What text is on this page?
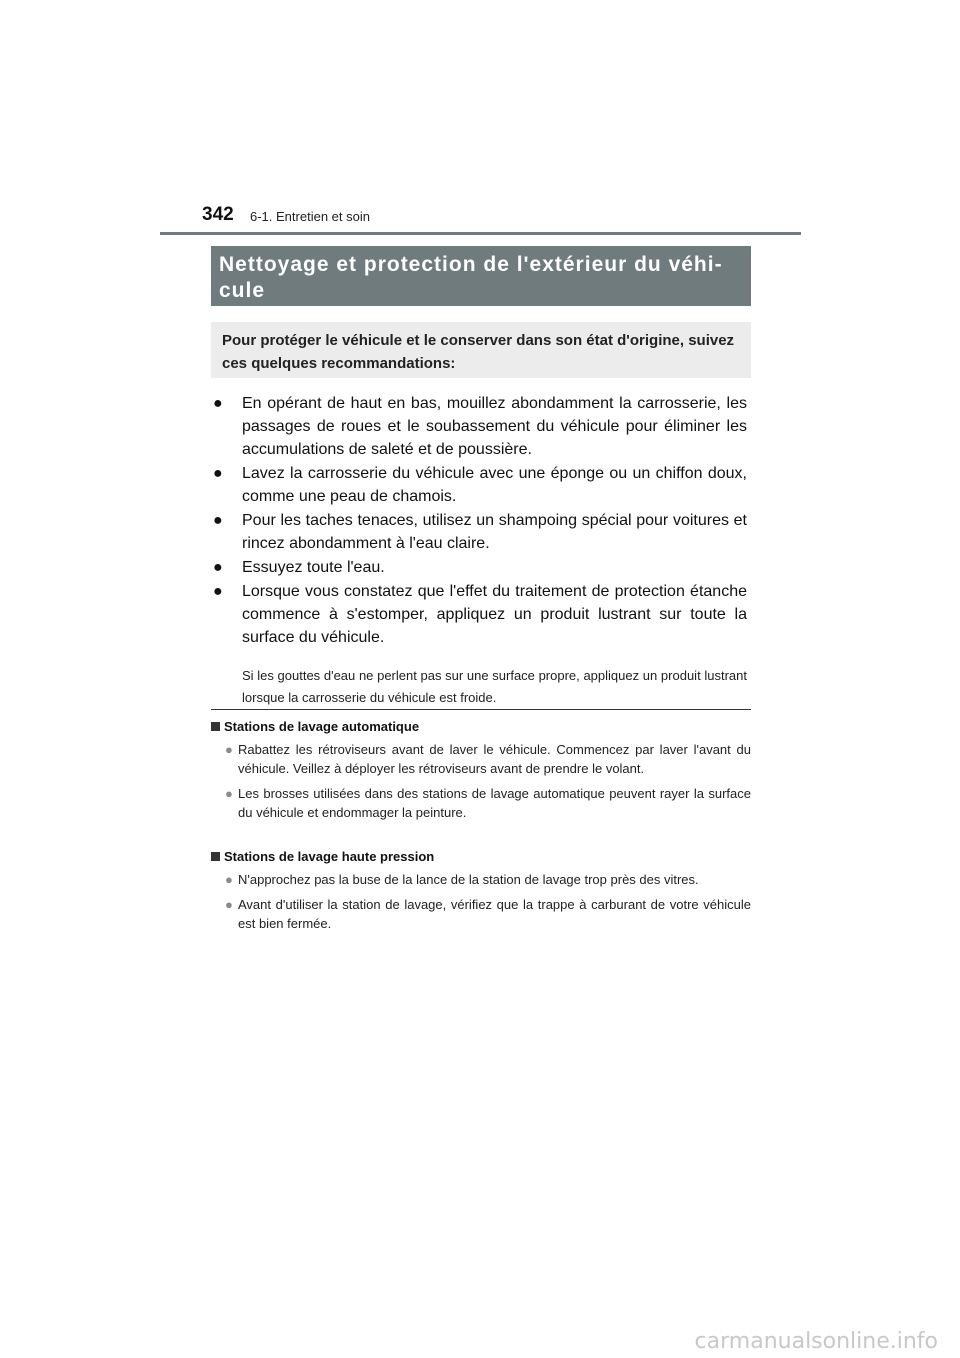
342 6-1. Entretien et soin
Nettoyage et protection de l'extérieur du véhi-
cule

Pour protéger le véhicule et le conserver dans son état d'origine, suivez ces quelques recommandations:

● En opérant de haut en bas, mouillez abondamment la carrosserie, les passages de roues et le soubassement du véhicule pour éliminer les accumulations de saleté et de poussière.
● Lavez la carrosserie du véhicule avec une éponge ou un chiffon doux, comme une peau de chamois.
● Pour les taches tenaces, utilisez un shampoing spécial pour voitures et rincez abondamment à l'eau claire.
● Essuyez toute l'eau.
● Lorsque vous constatez que l'effet du traitement de protection étanche commence à s'estomper, appliquez un produit lustrant sur toute la surface du véhicule.

Si les gouttes d'eau ne perlent pas sur une surface propre, appliquez un produit lustrant lorsque la carrosserie du véhicule est froide.

Stations de lavage automatique
● Rabattez les rétroviseurs avant de laver le véhicule. Commencez par laver l'avant du véhicule. Veillez à déployer les rétroviseurs avant de prendre le volant.
● Les brosses utilisées dans des stations de lavage automatique peuvent rayer la surface du véhicule et endommager la peinture.
Stations de lavage haute pression
● N'approchez pas la buse de la lance de la station de lavage trop près des vitres.
● Avant d'utiliser la station de lavage, vérifiez que la trappe à carburant de votre véhicule est bien fermée.
carmanualsonline.info
